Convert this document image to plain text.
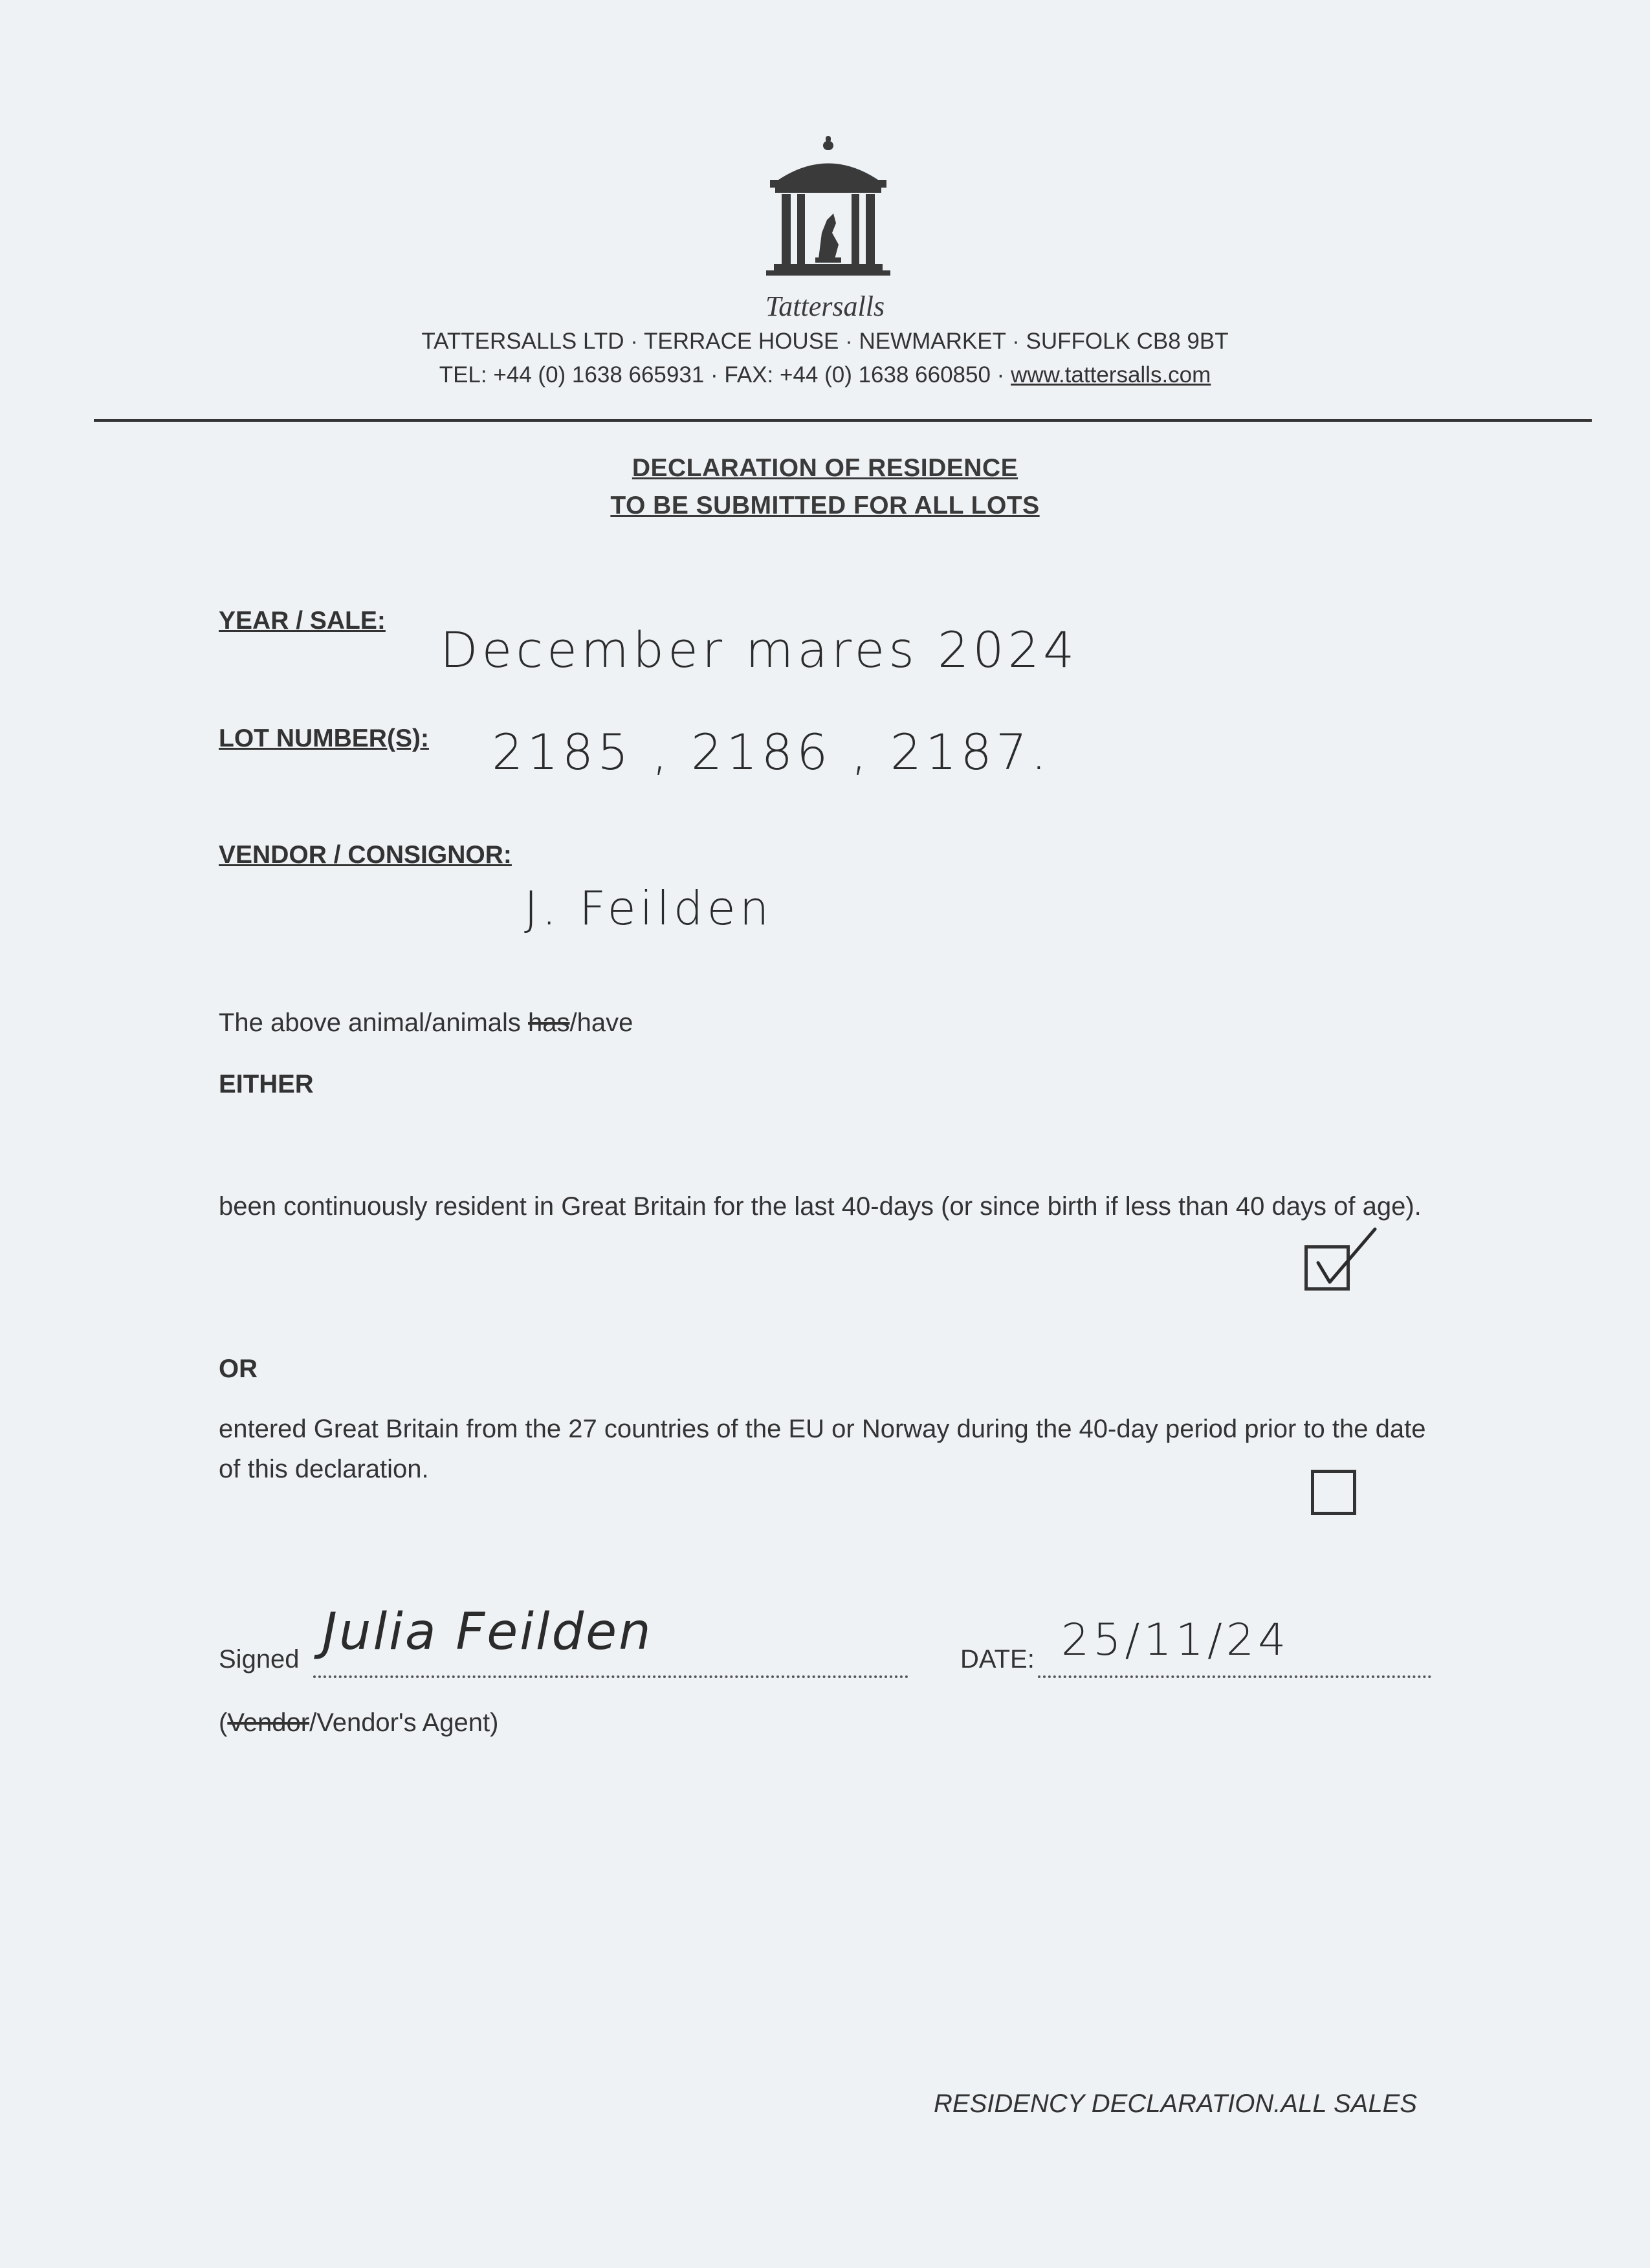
Tattersalls
TATTERSALLS LTD · TERRACE HOUSE · NEWMARKET · SUFFOLK CB8 9BT
TEL: +44 (0) 1638 665931 · FAX: +44 (0) 1638 660850 · www.tattersalls.com
DECLARATION OF RESIDENCE
TO BE SUBMITTED FOR ALL LOTS
YEAR / SALE:
December mares 2024
LOT NUMBER(S): 2185 , 2186 , 2187.
VENDOR / CONSIGNOR:
J. Feilden
The above animal/animals has/have
EITHER
been continuously resident in Great Britain for the last 40-days (or since birth if less than 40 days of age).
OR
entered Great Britain from the 27 countries of the EU or Norway during the 40-day period prior to the date of this declaration.
Signed Julia Feilden	DATE: 25/11/24
(Vendor/Vendor's Agent)
RESIDENCY DECLARATION.ALL SALES
